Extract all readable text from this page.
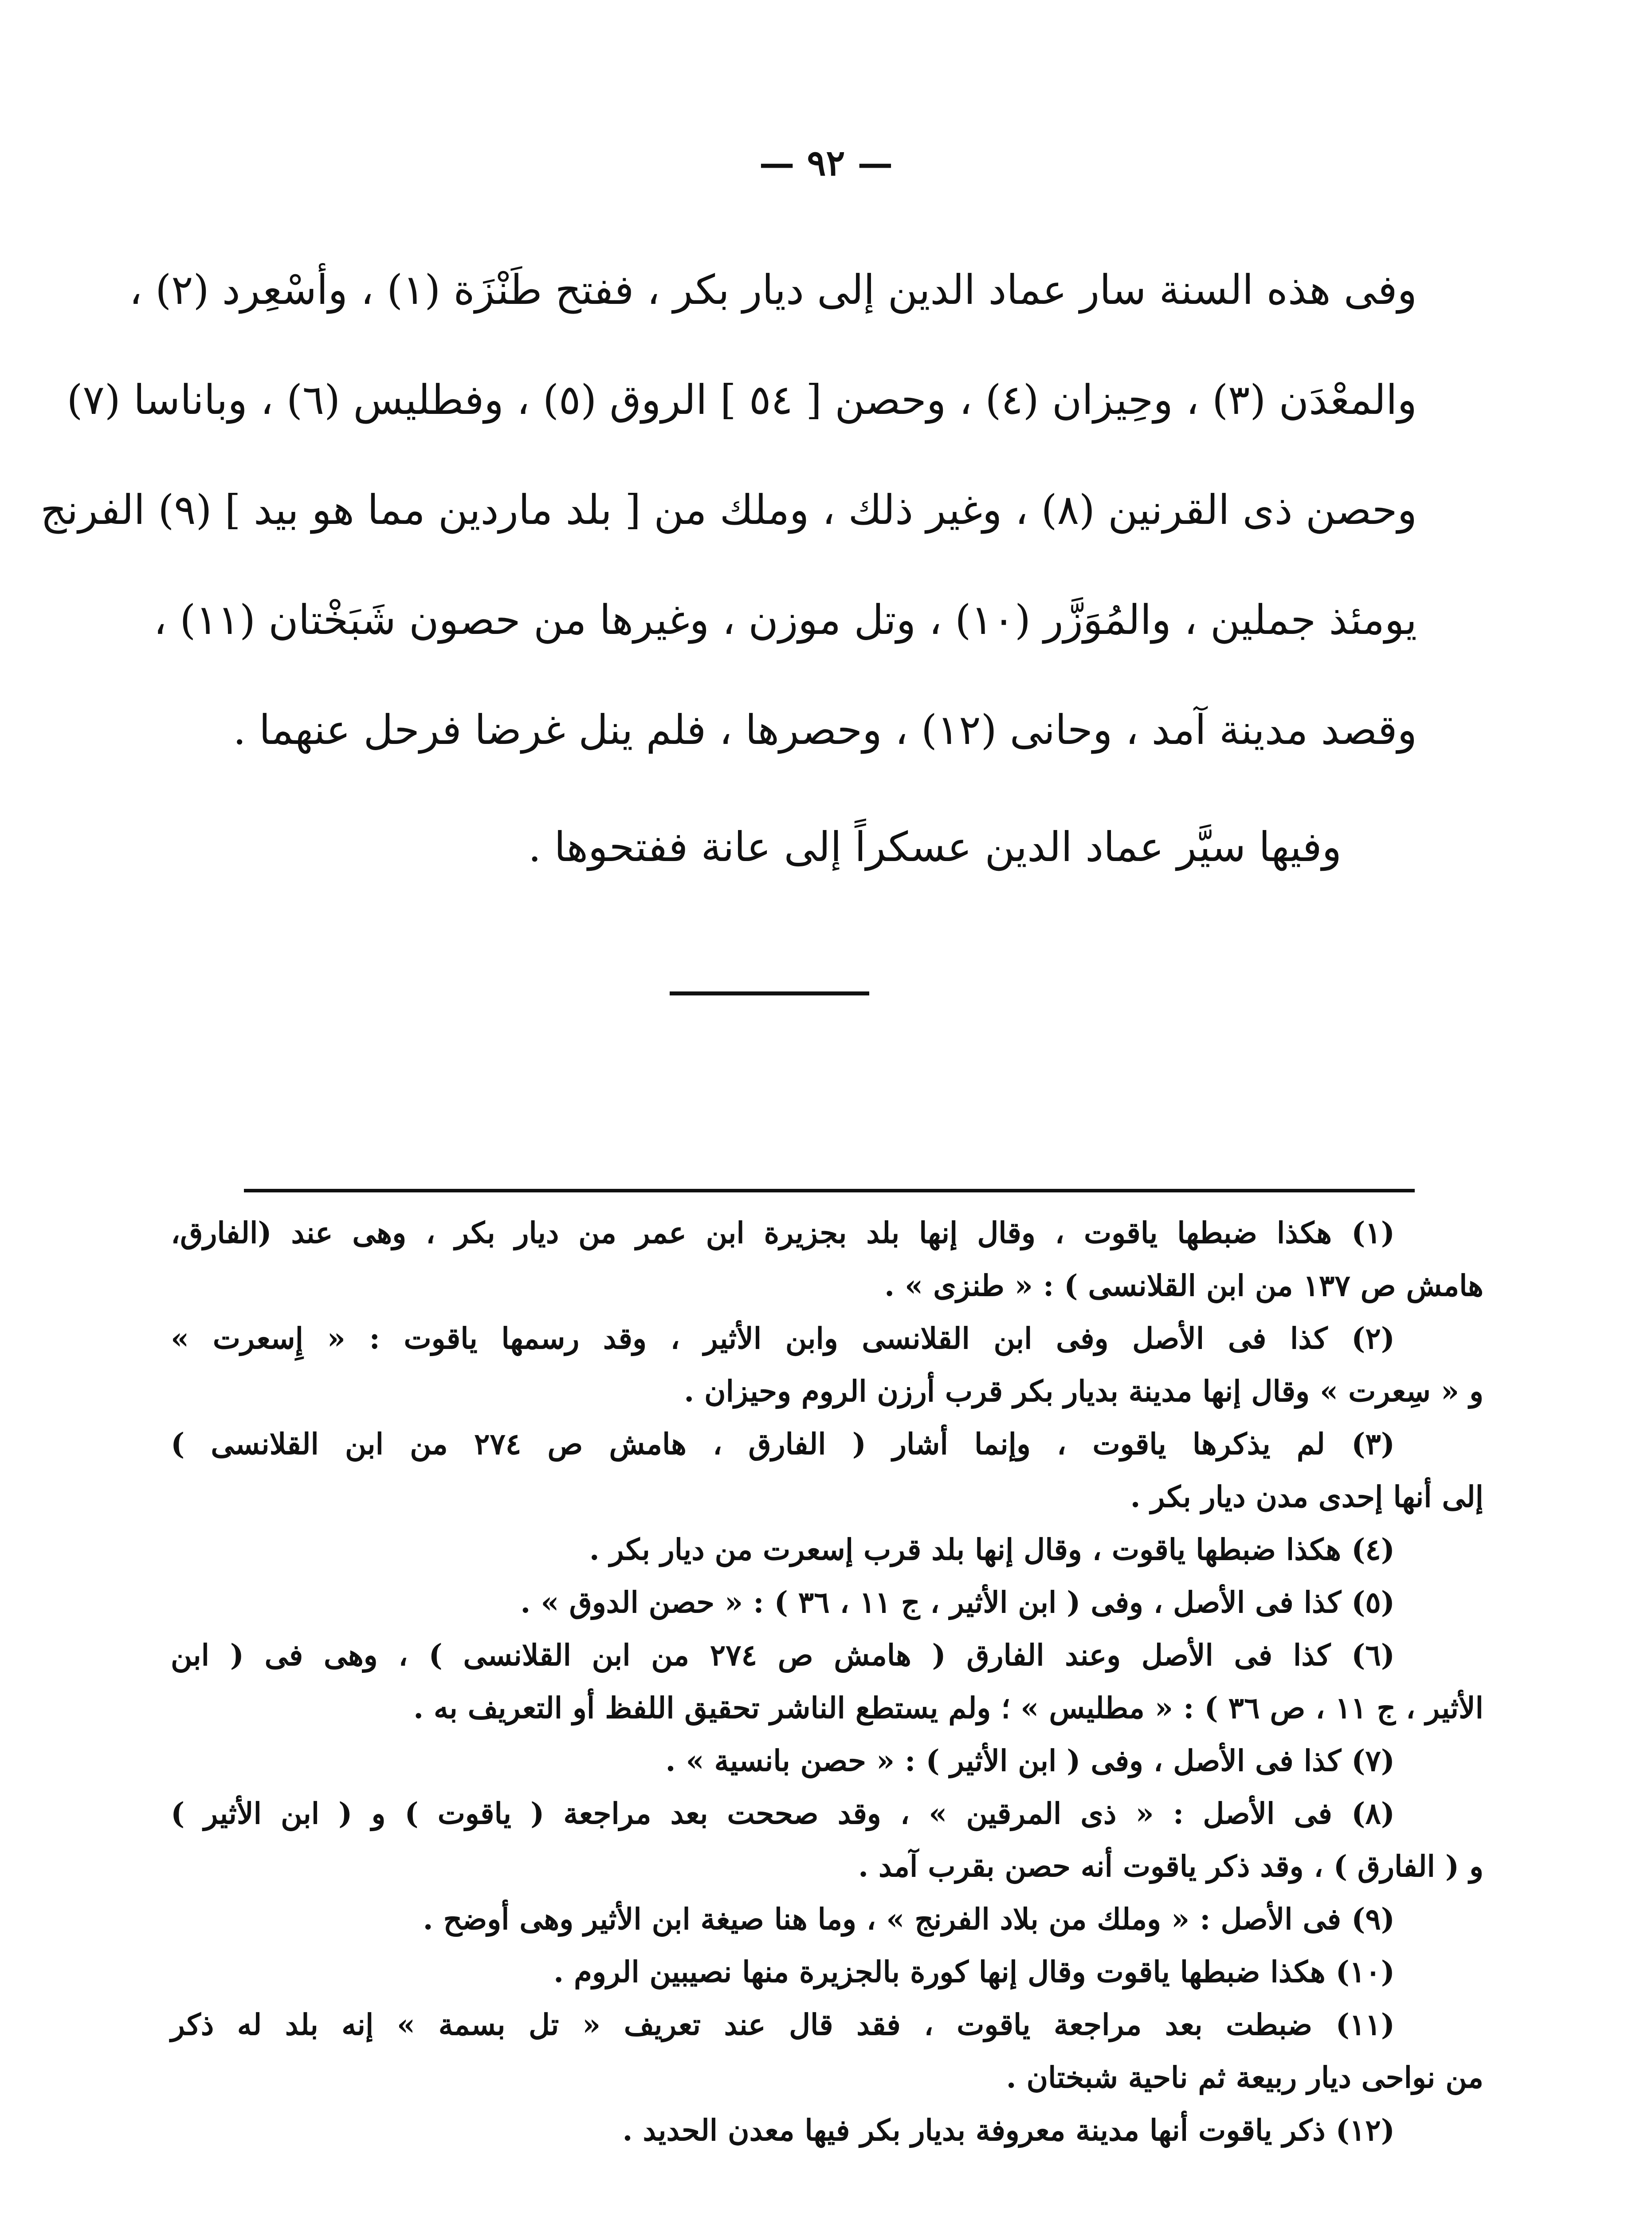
— ٩٢ —
وفى هذه السنة سار عماد الدين إلى ديار بكر ، ففتح طَنْزَة (١) ، وأسْعِرد (٢) ،
والمعْدَن (٣) ، وحِيزان (٤) ، وحصن [ ٥٤ ] الروق (٥) ، وفطليس (٦) ، وباناسا (٧)
وحصن ذى القرنين (٨) ، وغير ذلك ، وملك من [ بلد ماردين مما هو بيد ] (٩) الفرنج
يومئذ جملين ، والمُوَزَّر (١٠) ، وتل موزن ، وغيرها من حصون شَبَخْتان (١١) ،
وقصد مدينة آمد ، وحانى (١٢) ، وحصرها ، فلم ينل غرضا فرحل عنهما .
وفيها سيَّر عماد الدين عسكراً إلى عانة ففتحوها .
(١) هكذا ضبطها ياقوت ، وقال إنها بلد بجزيرة ابن عمر من ديار بكر ، وهى عند (الفارق،
هامش ص ١٣٧ من ابن القلانسى ) : « طنزى » .
(٢) كذا فى الأصل وفى ابن القلانسى وابن الأثير ، وقد رسمها ياقوت : « إِسعرت »
و « سِعرت » وقال إنها مدينة بديار بكر قرب أرزن الروم وحيزان .
(٣) لم يذكرها ياقوت ، وإنما أشار ( الفارق ، هامش ص ٢٧٤ من ابن القلانسى )
إلى أنها إحدى مدن ديار بكر .
(٤) هكذا ضبطها ياقوت ، وقال إنها بلد قرب إسعرت من ديار بكر .
(٥) كذا فى الأصل ، وفى ( ابن الأثير ، ج ١١ ، ٣٦ ) : « حصن الدوق » .
(٦) كذا فى الأصل وعند الفارق ( هامش ص ٢٧٤ من ابن القلانسى ) ، وهى فى ( ابن
الأثير ، ج ١١ ، ص ٣٦ ) : « مطليس » ؛ ولم يستطع الناشر تحقيق اللفظ أو التعريف به .
(٧) كذا فى الأصل ، وفى ( ابن الأثير ) : « حصن بانسية » .
(٨) فى الأصل : « ذى المرقين » ، وقد صححت بعد مراجعة ( ياقوت ) و ( ابن الأثير )
و ( الفارق ) ، وقد ذكر ياقوت أنه حصن بقرب آمد .
(٩) فى الأصل : « وملك من بلاد الفرنج » ، وما هنا صيغة ابن الأثير وهى أوضح .
(١٠) هكذا ضبطها ياقوت وقال إنها كورة بالجزيرة منها نصيبين الروم .
(١١) ضبطت بعد مراجعة ياقوت ، فقد قال عند تعريف « تل بسمة » إنه بلد له ذكر
من نواحى ديار ربيعة ثم ناحية شبختان .
(١٢) ذكر ياقوت أنها مدينة معروفة بديار بكر فيها معدن الحديد .
